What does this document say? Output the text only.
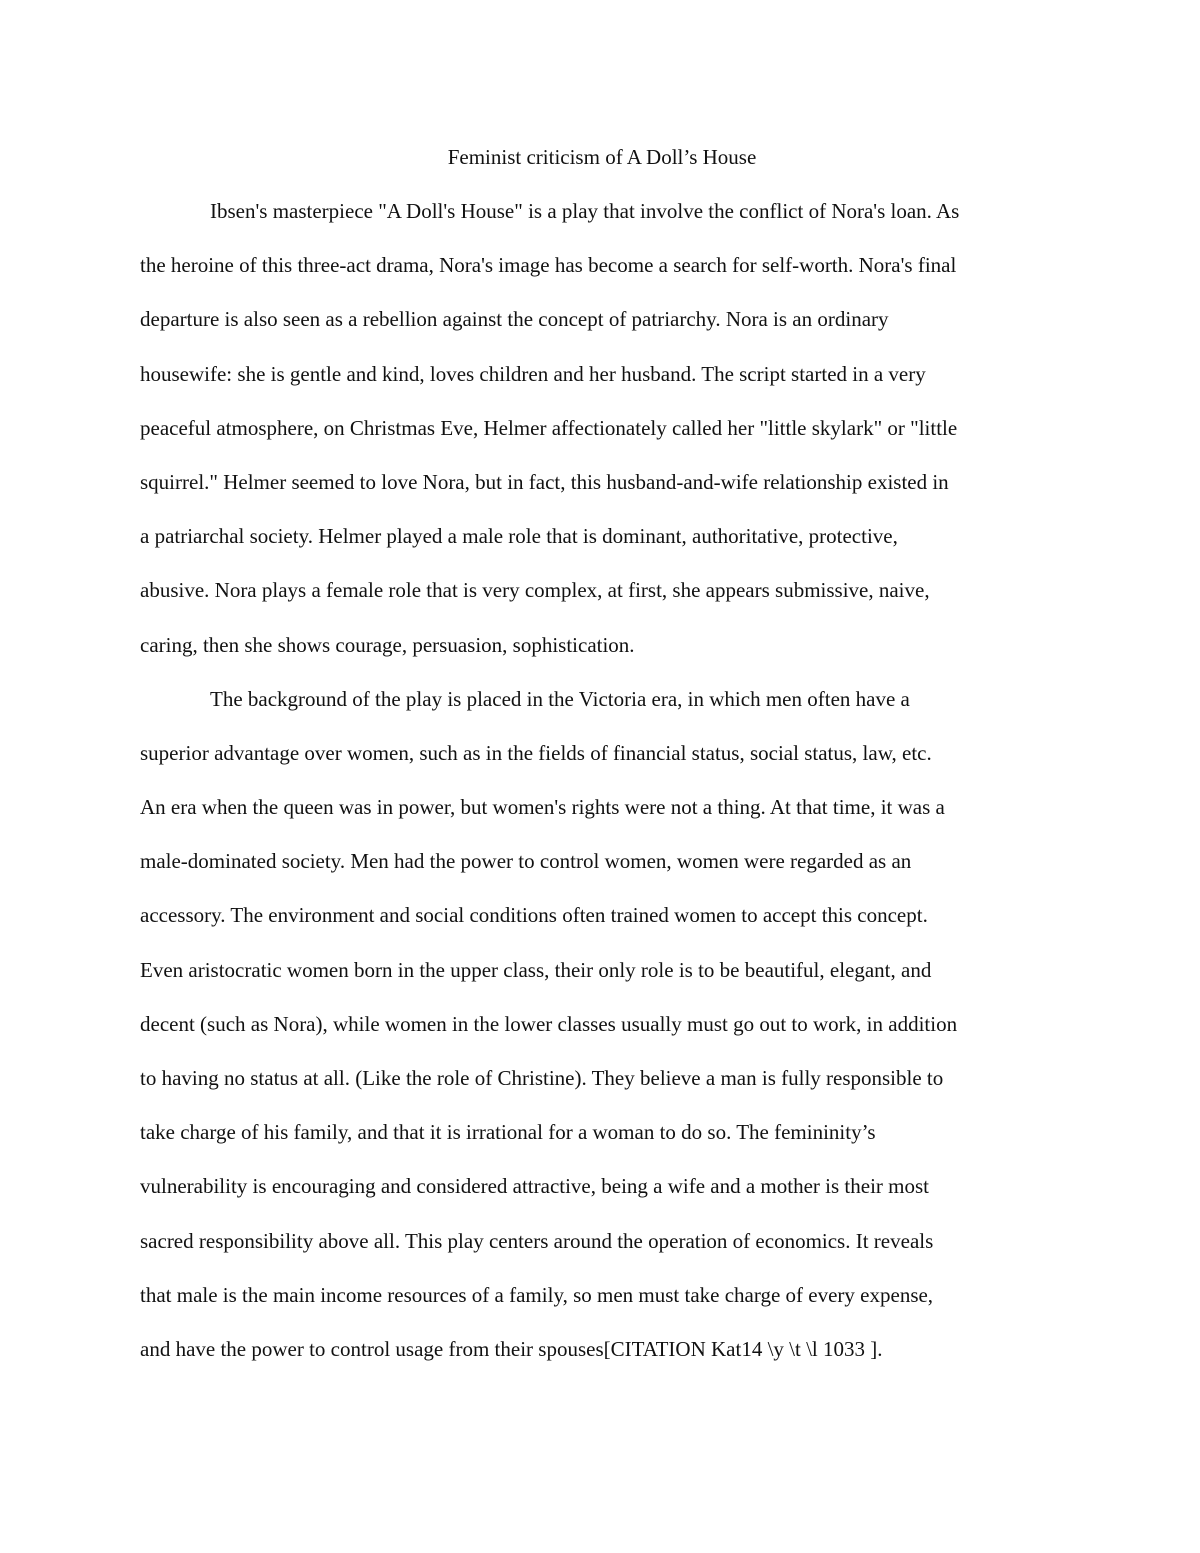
Feminist criticism of A Doll’s House
Ibsen's masterpiece "A Doll's House" is a play that involve the conflict of Nora's loan. As
the heroine of this three-act drama, Nora's image has become a search for self-worth. Nora's final
departure is also seen as a rebellion against the concept of patriarchy. Nora is an ordinary
housewife: she is gentle and kind, loves children and her husband. The script started in a very
peaceful atmosphere, on Christmas Eve, Helmer affectionately called her "little skylark" or "little
squirrel." Helmer seemed to love Nora, but in fact, this husband-and-wife relationship existed in
a patriarchal society. Helmer played a male role that is dominant, authoritative, protective,
abusive. Nora plays a female role that is very complex, at first, she appears submissive, naive,
caring, then she shows courage, persuasion, sophistication.
The background of the play is placed in the Victoria era, in which men often have a
superior advantage over women, such as in the fields of financial status, social status, law, etc.
An era when the queen was in power, but women's rights were not a thing. At that time, it was a
male-dominated society. Men had the power to control women, women were regarded as an
accessory. The environment and social conditions often trained women to accept this concept.
Even aristocratic women born in the upper class, their only role is to be beautiful, elegant, and
decent (such as Nora), while women in the lower classes usually must go out to work, in addition
to having no status at all. (Like the role of Christine). They believe a man is fully responsible to
take charge of his family, and that it is irrational for a woman to do so. The femininity’s
vulnerability is encouraging and considered attractive, being a wife and a mother is their most
sacred responsibility above all. This play centers around the operation of economics. It reveals
that male is the main income resources of a family, so men must take charge of every expense,
and have the power to control usage from their spouses[CITATION Kat14 \y \t \l 1033 ].
